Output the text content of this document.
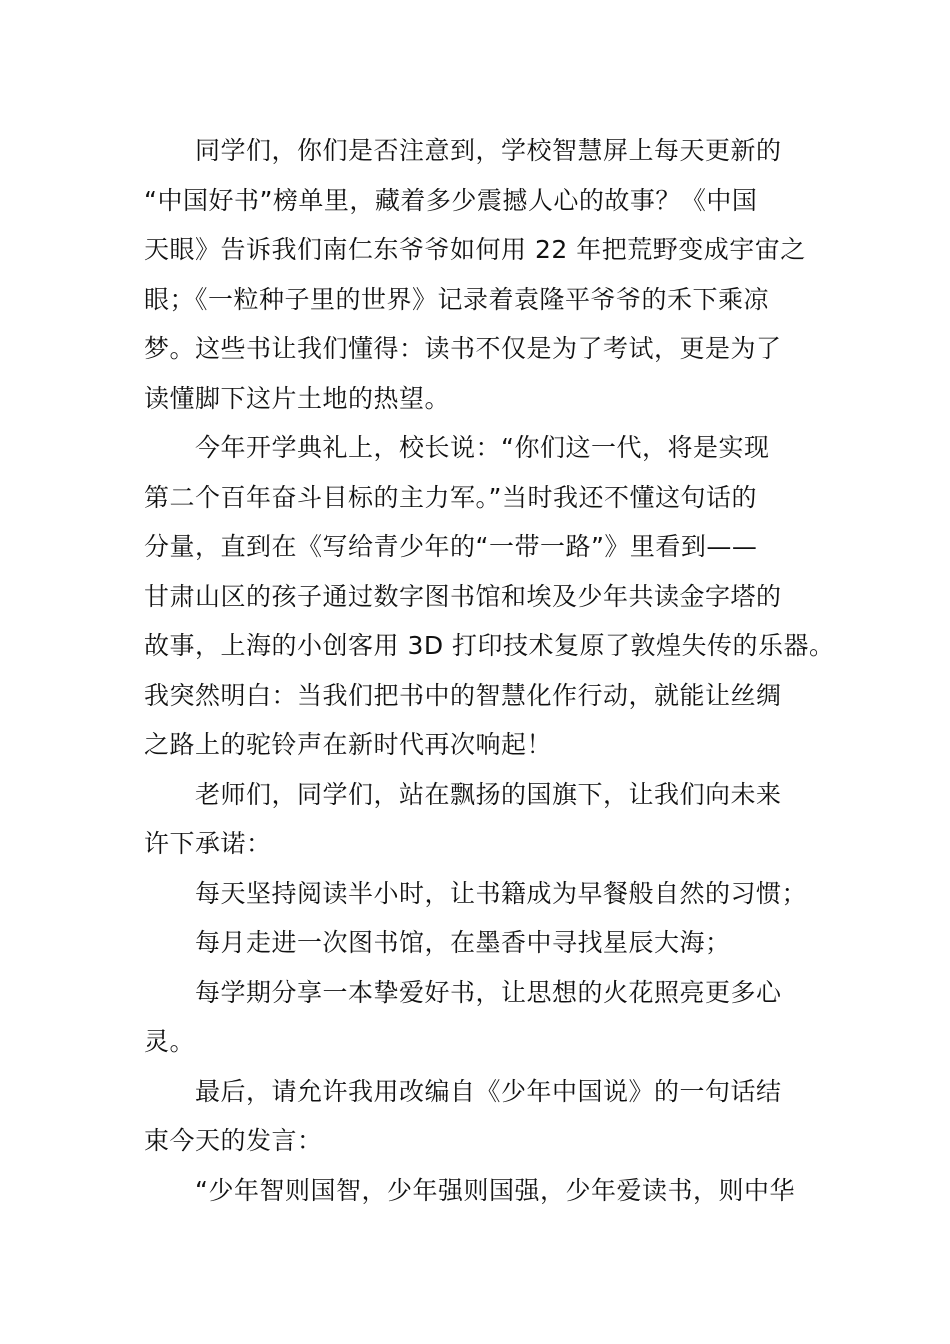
同学们，你们是否注意到，学校智慧屏上每天更新的
“中国好书”榜单里，藏着多少震撼人心的故事？《中国
天眼》告诉我们南仁东爷爷如何用 22 年把荒野变成宇宙之
眼；《一粒种子里的世界》记录着袁隆平爷爷的禾下乘凉
梦。这些书让我们懂得：读书不仅是为了考试，更是为了
读懂脚下这片土地的热望。

今年开学典礼上，校长说：“你们这一代，将是实现
第二个百年奋斗目标的主力军。”当时我还不懂这句话的
分量，直到在《写给青少年的“一带一路”》里看到——
甘肃山区的孩子通过数字图书馆和埃及少年共读金字塔的
故事，上海的小创客用 3D 打印技术复原了敦煌失传的乐器。
我突然明白：当我们把书中的智慧化作行动，就能让丝绸
之路上的驼铃声在新时代再次响起！

老师们，同学们，站在飘扬的国旗下，让我们向未来
许下承诺：

每天坚持阅读半小时，让书籍成为早餐般自然的习惯；

每月走进一次图书馆，在墨香中寻找星辰大海；

每学期分享一本挚爱好书，让思想的火花照亮更多心
灵。

最后，请允许我用改编自《少年中国说》的一句话结
束今天的发言：

“少年智则国智，少年强则国强，少年爱读书，则中华
